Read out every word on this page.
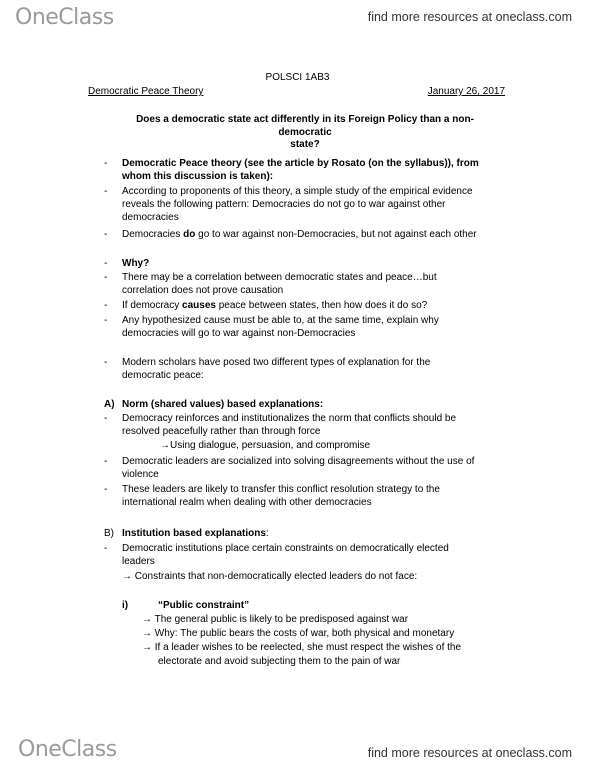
OneClass	find more resources at oneclass.com
POLSCI 1AB3
Democratic Peace Theory	January 26, 2017
Does a democratic state act differently in its Foreign Policy than a non-democratic
state?
- Democratic Peace theory (see the article by Rosato (on the syllabus)), from
whom this discussion is taken):
- According to proponents of this theory, a simple study of the empirical evidence
reveals the following pattern: Democracies do not go to war against other
democracies
- Democracies do go to war against non-Democracies, but not against each other
- Why?
- There may be a correlation between democratic states and peace…but
correlation does not prove causation
- If democracy causes peace between states, then how does it do so?
- Any hypothesized cause must be able to, at the same time, explain why
democracies will go to war against non-Democracies
- Modern scholars have posed two different types of explanation for the
democratic peace:
A) Norm (shared values) based explanations:
- Democracy reinforces and institutionalizes the norm that conflicts should be
resolved peacefully rather than through force
→Using dialogue, persuasion, and compromise
- Democratic leaders are socialized into solving disagreements without the use of
violence
- These leaders are likely to transfer this conflict resolution strategy to the
international realm when dealing with other democracies
B) Institution based explanations:
- Democratic institutions place certain constraints on democratically elected
leaders
→ Constraints that non-democratically elected leaders do not face:
i)	“Public constraint”
→ The general public is likely to be predisposed against war
→ Why: The public bears the costs of war, both physical and monetary
→ If a leader wishes to be reelected, she must respect the wishes of the
electorate and avoid subjecting them to the pain of war
OneClass	find more resources at oneclass.com
